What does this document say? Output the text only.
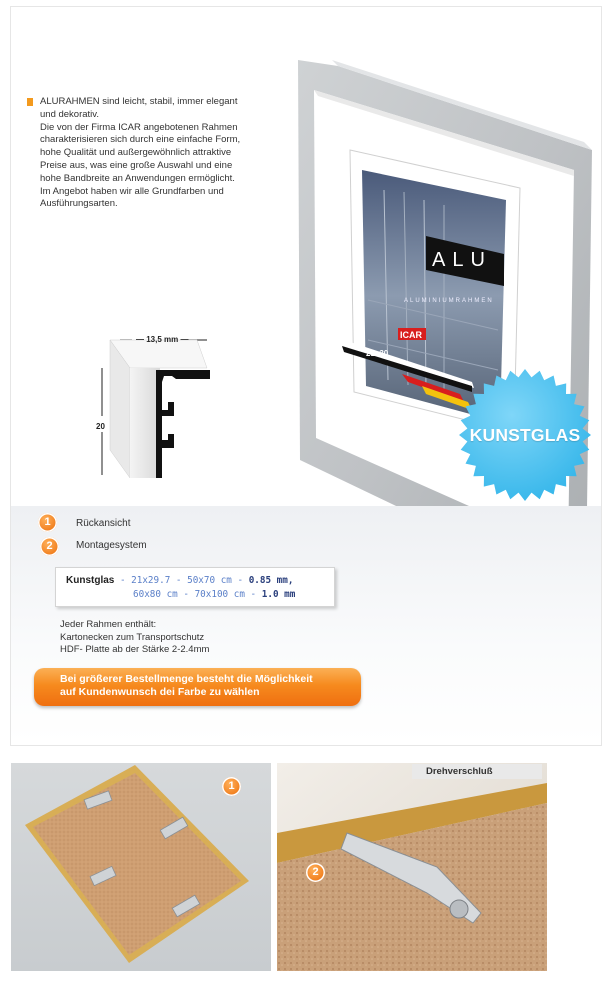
ALURAHMEN sind leicht, stabil, immer elegant

und dekorativ.

Die von der Firma ICAR angebotenen Rahmen

charakterisieren sich durch eine einfache Form,

hohe Qualität und außergewöhnlich attraktive

Preise aus, was eine große Auswahl und eine

hohe Bandbreite an Anwendungen ermöglicht.

Im Angebot haben wir alle Grundfarben und

Ausführungsarten.

— 13,5 mm —
20
ALU
ALUMINIUMRAHMEN
ICAR
21x30
KUNSTGLAS
1	Rückansicht
2	Montagesystem
Kunstglas - 21x29.7 - 50x70 cm - 0.85 mm,
60x80 cm - 70x100 cm - 1.0 mm
Jeder Rahmen enthält:
Kartonecken zum Transportschutz
HDF- Platte ab der Stärke 2-2.4mm
Bei größerer Bestellmenge besteht die Möglichkeit
auf Kundenwunsch dei Farbe zu wählen
1
2
Drehverschluß
